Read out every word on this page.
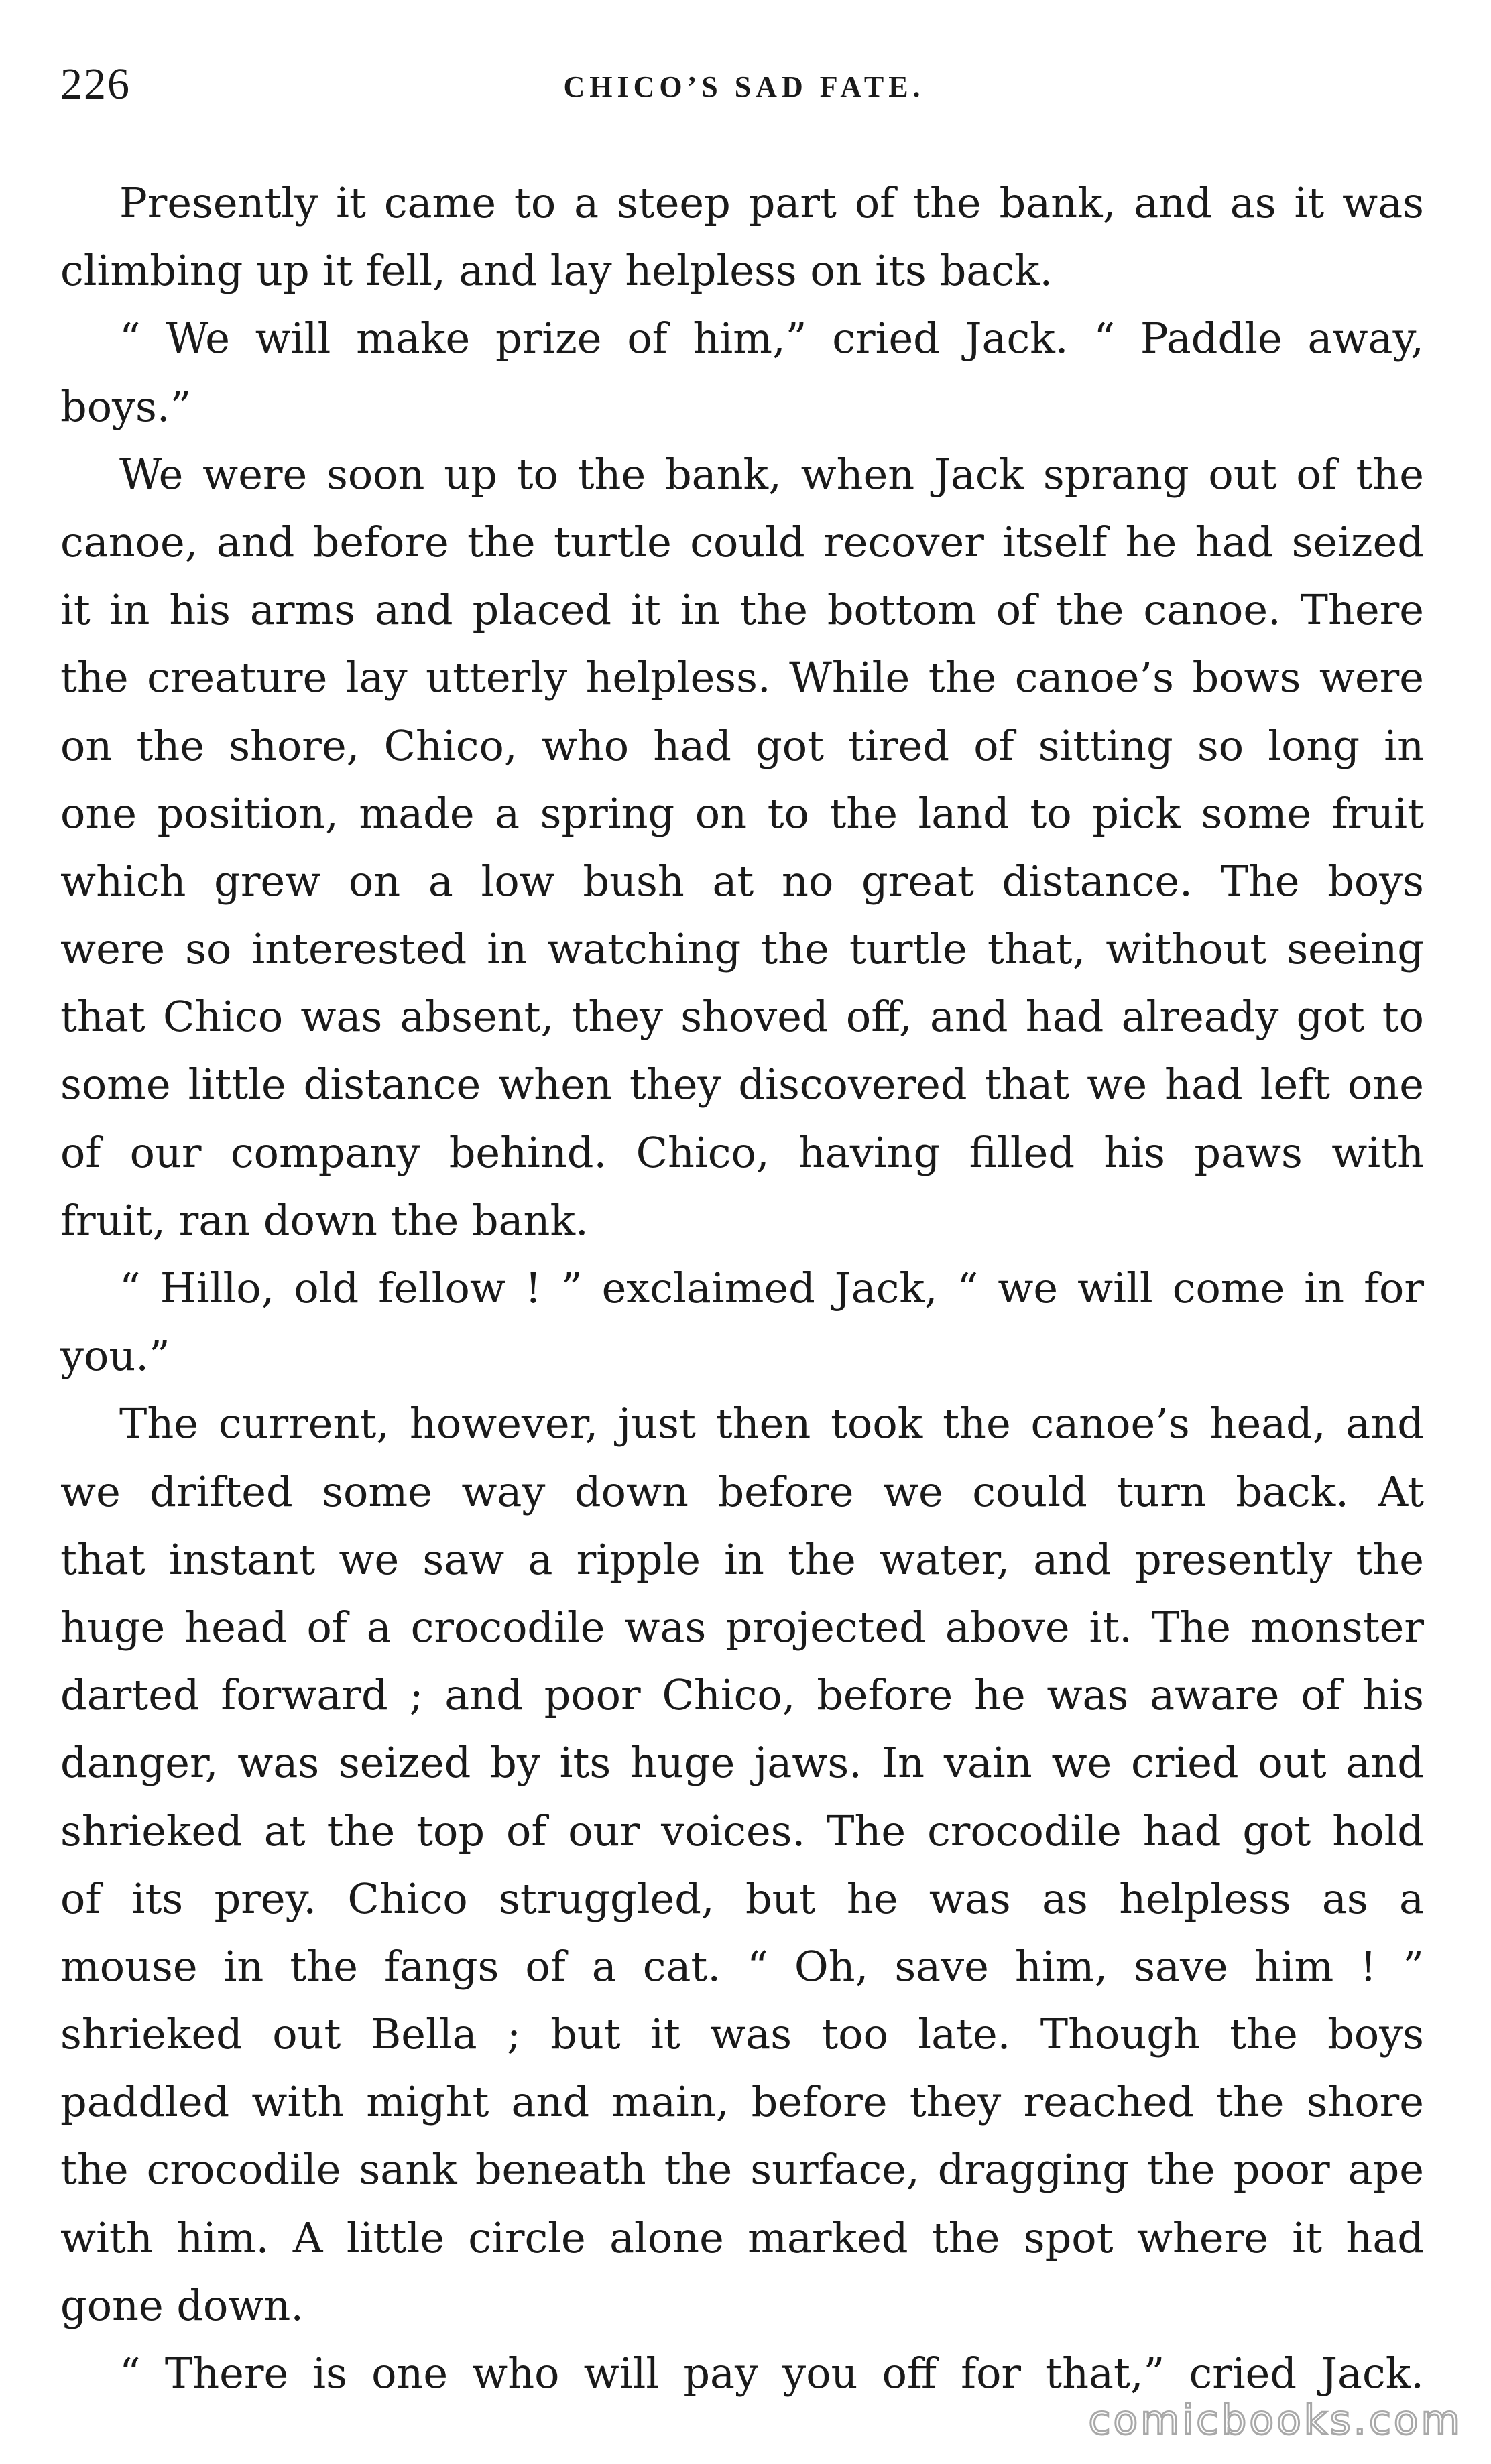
226	CHICO’S SAD FATE.
Presently it came to a steep part of the bank, and as it was
climbing up it fell, and lay helpless on its back.
“ We will make prize of him,” cried Jack. “ Paddle away,
boys.”
We were soon up to the bank, when Jack sprang out of the
canoe, and before the turtle could recover itself he had seized
it in his arms and placed it in the bottom of the canoe. There
the creature lay utterly helpless. While the canoe’s bows were
on the shore, Chico, who had got tired of sitting so long in
one position, made a spring on to the land to pick some fruit
which grew on a low bush at no great distance. The boys
were so interested in watching the turtle that, without seeing
that Chico was absent, they shoved off, and had already got to
some little distance when they discovered that we had left one
of our company behind. Chico, having filled his paws with
fruit, ran down the bank.
“ Hillo, old fellow ! ” exclaimed Jack, “ we will come in for
you.”
The current, however, just then took the canoe’s head, and
we drifted some way down before we could turn back. At
that instant we saw a ripple in the water, and presently the
huge head of a crocodile was projected above it. The monster
darted forward ; and poor Chico, before he was aware of his
danger, was seized by its huge jaws. In vain we cried out and
shrieked at the top of our voices. The crocodile had got hold
of its prey. Chico struggled, but he was as helpless as a
mouse in the fangs of a cat. “ Oh, save him, save him ! ”
shrieked out Bella ; but it was too late. Though the boys
paddled with might and main, before they reached the shore
the crocodile sank beneath the surface, dragging the poor ape
with him. A little circle alone marked the spot where it had
gone down.
“ There is one who will pay you off for that,” cried Jack.
comicbooks.com
